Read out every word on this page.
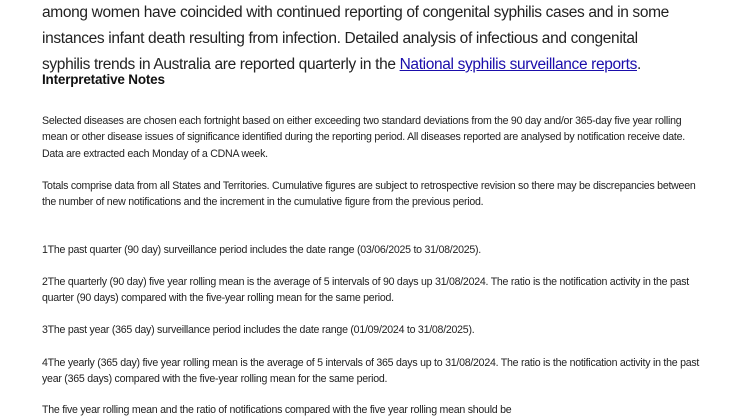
among women have coincided with continued reporting of congenital syphilis cases and in some

instances infant death resulting from infection. Detailed analysis of infectious and congenital

syphilis trends in Australia are reported quarterly in the National syphilis surveillance reports.

Interpretative Notes

Selected diseases are chosen each fortnight based on either exceeding two standard deviations from the 90 day and/or 365-day five year rolling mean or other disease issues of significance identified during the reporting period. All diseases reported are analysed by notification receive date. Data are extracted each Monday of a CDNA week.

Totals comprise data from all States and Territories. Cumulative figures are subject to retrospective revision so there may be discrepancies between the number of new notifications and the increment in the cumulative figure from the previous period.

1The past quarter (90 day) surveillance period includes the date range (03/06/2025 to 31/08/2025).

2The quarterly (90 day) five year rolling mean is the average of 5 intervals of 90 days up 31/08/2024. The ratio is the notification activity in the past quarter (90 days) compared with the five-year rolling mean for the same period.

3The past year (365 day) surveillance period includes the date range (01/09/2024 to 31/08/2025).

4The yearly (365 day) five year rolling mean is the average of 5 intervals of 365 days up to 31/08/2024. The ratio is the notification activity in the past year (365 days) compared with the five-year rolling mean for the same period.

The five year rolling mean and the ratio of notifications compared with the five year rolling mean should be
